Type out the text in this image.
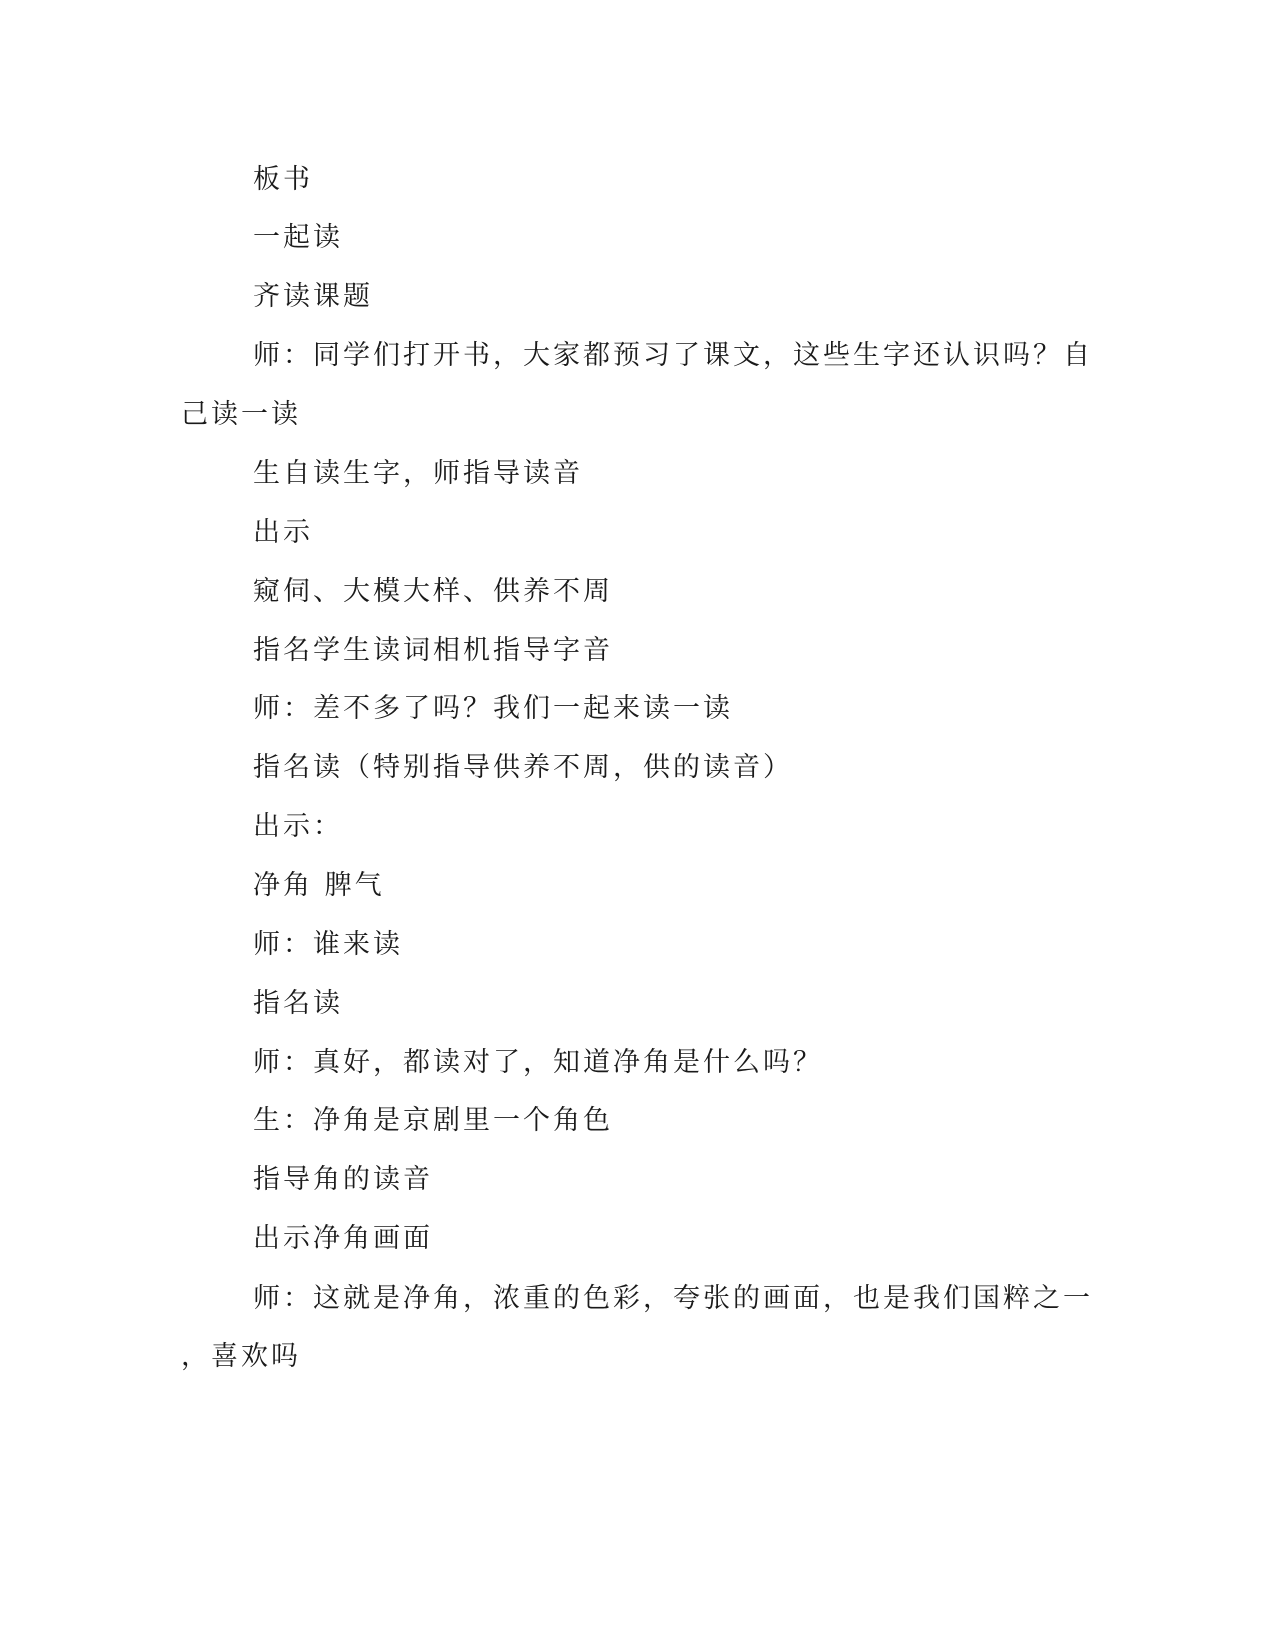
板书
一起读
齐读课题
师：同学们打开书，大家都预习了课文，这些生字还认识吗？自
己读一读
生自读生字，师指导读音
出示
窥伺、大模大样、供养不周
指名学生读词相机指导字音
师：差不多了吗？我们一起来读一读
指名读（特别指导供养不周，供的读音）
出示：
净角 脾气
师：谁来读
指名读
师：真好，都读对了，知道净角是什么吗？
生：净角是京剧里一个角色
指导角的读音
出示净角画面
师：这就是净角，浓重的色彩，夸张的画面，也是我们国粹之一
，喜欢吗
